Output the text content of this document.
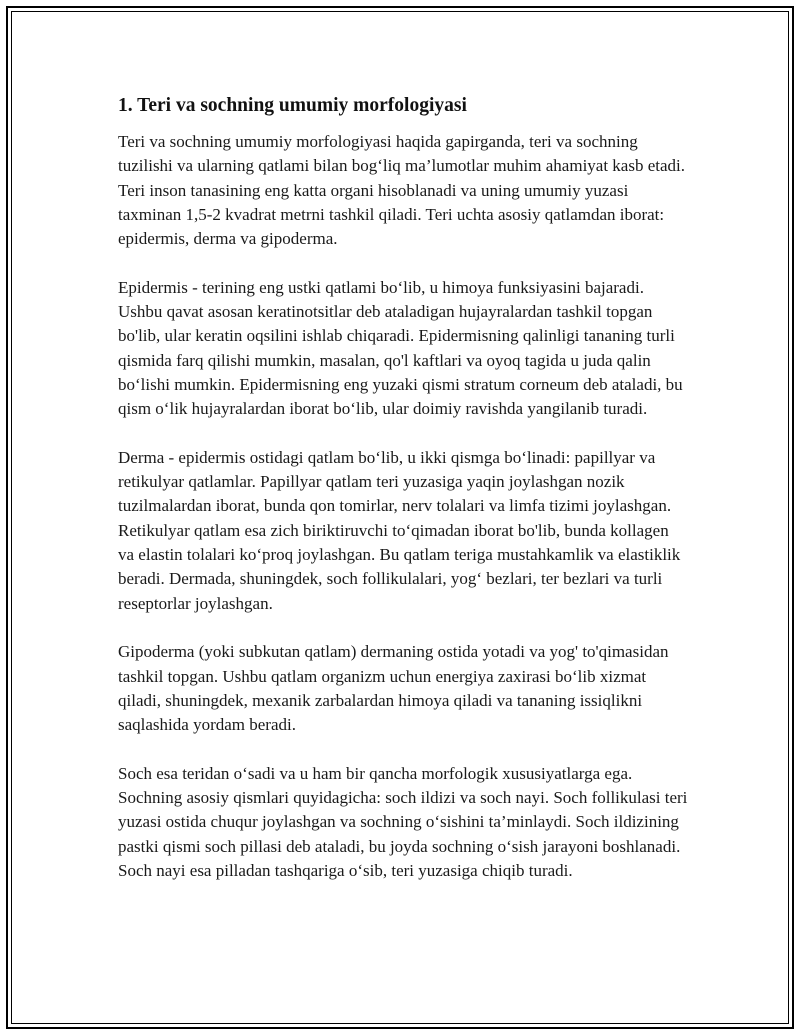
1. Teri va sochning umumiy morfologiyasi

Teri va sochning umumiy morfologiyasi haqida gapirganda, teri va sochning tuzilishi va ularning qatlami bilan bog‘liq ma’lumotlar muhim ahamiyat kasb etadi. Teri inson tanasining eng katta organi hisoblanadi va uning umumiy yuzasi taxminan 1,5-2 kvadrat metrni tashkil qiladi. Teri uchta asosiy qatlamdan iborat: epidermis, derma va gipoderma.

Epidermis - terining eng ustki qatlami bo‘lib, u himoya funksiyasini bajaradi. Ushbu qavat asosan keratinotsitlar deb ataladigan hujayralardan tashkil topgan bo'lib, ular keratin oqsilini ishlab chiqaradi. Epidermisning qalinligi tananing turli qismida farq qilishi mumkin, masalan, qo'l kaftlari va oyoq tagida u juda qalin bo‘lishi mumkin. Epidermisning eng yuzaki qismi stratum corneum deb ataladi, bu qism o‘lik hujayralardan iborat bo‘lib, ular doimiy ravishda yangilanib turadi.

Derma - epidermis ostidagi qatlam bo‘lib, u ikki qismga bo‘linadi: papillyar va retikulyar qatlamlar. Papillyar qatlam teri yuzasiga yaqin joylashgan nozik tuzilmalardan iborat, bunda qon tomirlar, nerv tolalari va limfa tizimi joylashgan. Retikulyar qatlam esa zich biriktiruvchi to‘qimadan iborat bo'lib, bunda kollagen va elastin tolalari ko‘proq joylashgan. Bu qatlam teriga mustahkamlik va elastiklik beradi. Dermada, shuningdek, soch follikulalari, yog‘ bezlari, ter bezlari va turli reseptorlar joylashgan.

Gipoderma (yoki subkutan qatlam) dermaning ostida yotadi va yog' to'qimasidan tashkil topgan. Ushbu qatlam organizm uchun energiya zaxirasi bo‘lib xizmat qiladi, shuningdek, mexanik zarbalardan himoya qiladi va tananing issiqlikni saqlashida yordam beradi.

Soch esa teridan o‘sadi va u ham bir qancha morfologik xususiyatlarga ega. Sochning asosiy qismlari quyidagicha: soch ildizi va soch nayi. Soch follikulasi teri yuzasi ostida chuqur joylashgan va sochning o‘sishini ta’minlaydi. Soch ildizining pastki qismi soch pillasi deb ataladi, bu joyda sochning o‘sish jarayoni boshlanadi. Soch nayi esa pilladan tashqariga o‘sib, teri yuzasiga chiqib turadi.
